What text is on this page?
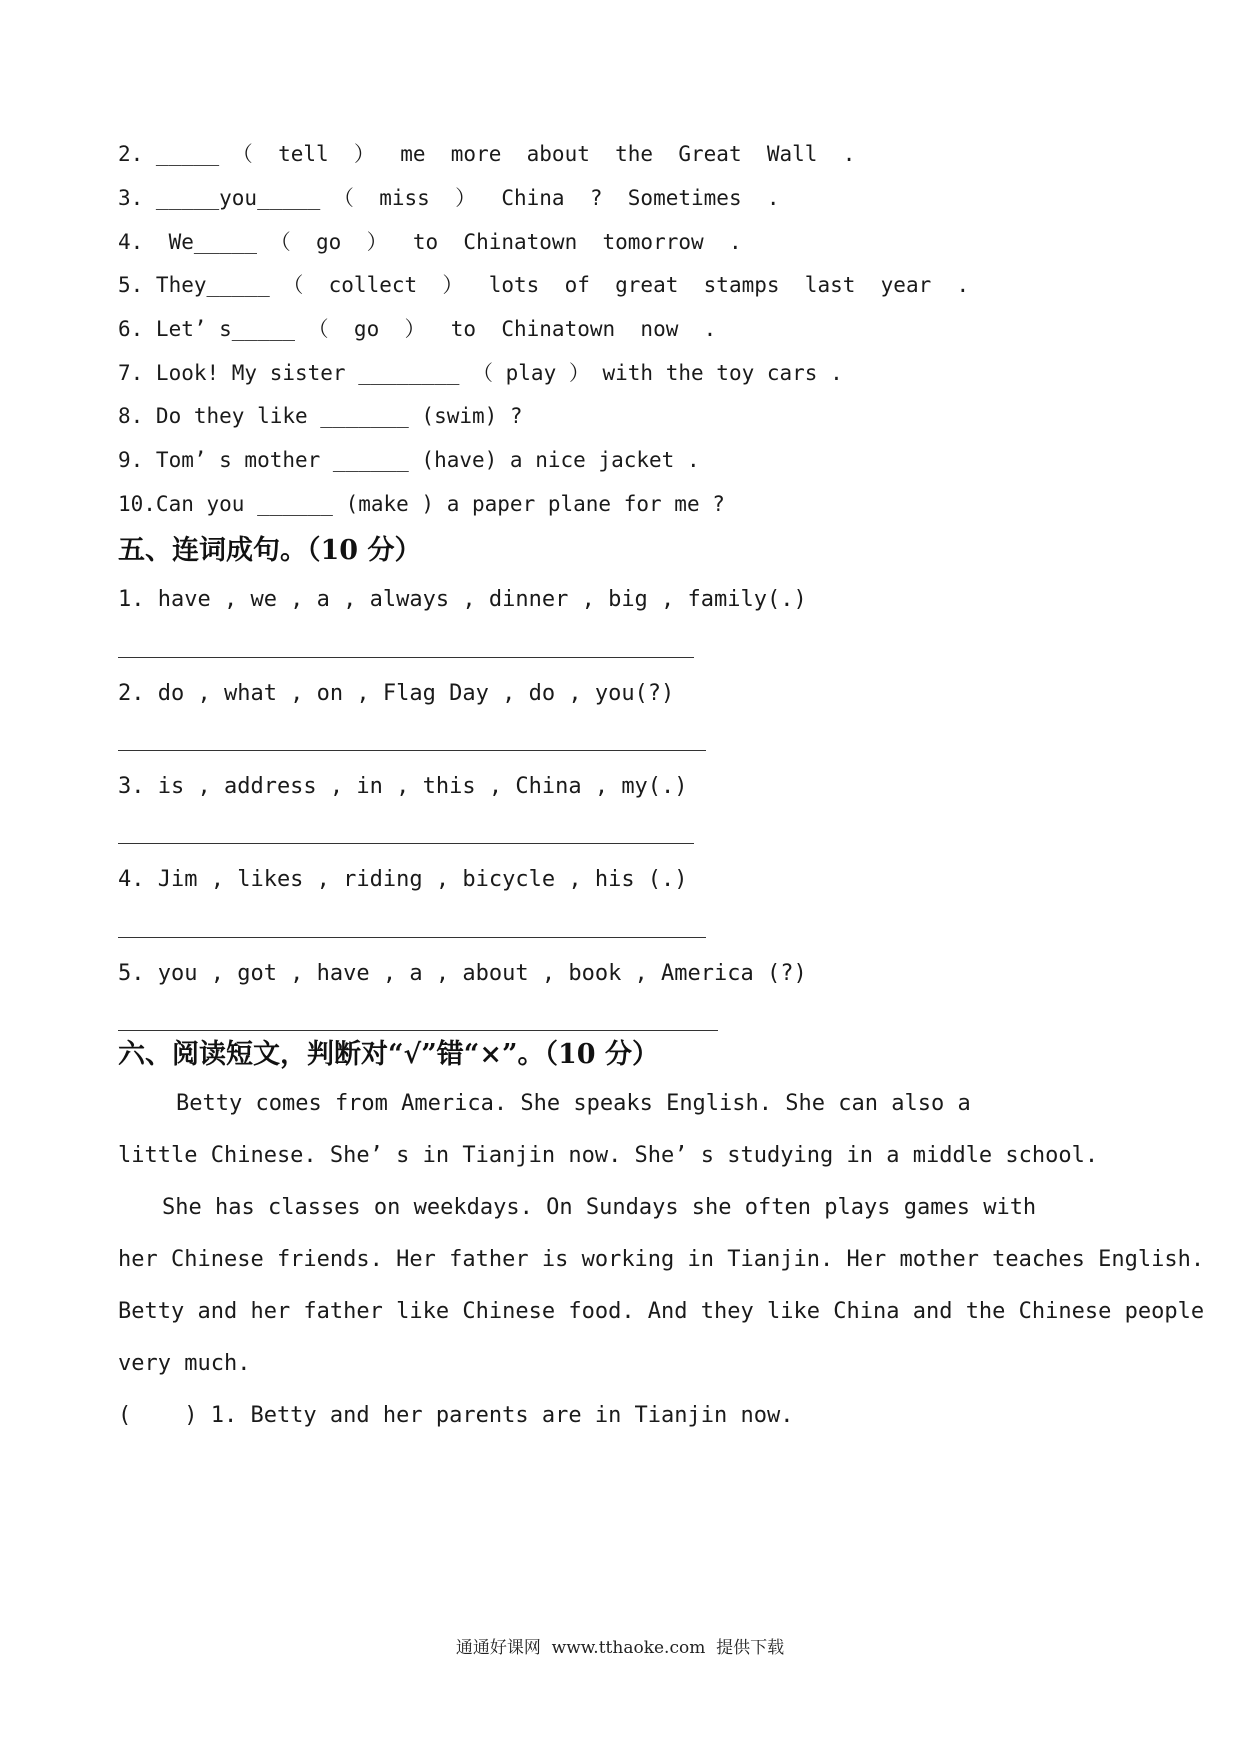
2. _____ （  tell  ）  me  more  about  the  Great  Wall  .
3. _____you_____ （  miss  ）  China  ?  Sometimes  .
4.  We_____ （  go  ）  to  Chinatown  tomorrow  .
5. They_____ （  collect  ）  lots  of  great  stamps  last  year  .
6. Let’ s_____ （  go  ）  to  Chinatown  now  .
7. Look! My sister ________ （ play ） with the toy cars .
8. Do they like _______ (swim) ?
9. Tom’ s mother ______ (have) a nice jacket .
10.Can you ______ (make ) a paper plane for me ?
五、连词成句。（10 分）
1. have , we , a , always , dinner , big , family(.)
2. do , what , on , Flag Day , do , you(?)
3. is , address , in , this , China , my(.)
4. Jim , likes , riding , bicycle , his (.)
5. you , got , have , a , about , book , America (?)
六、阅读短文，判断对“√”错“×”。（10 分）
Betty comes from America. She speaks English. She can also a
little Chinese. She’ s in Tianjin now. She’ s studying in a middle school.
She has classes on weekdays. On Sundays she often plays games with
her Chinese friends. Her father is working in Tianjin. Her mother teaches English.
Betty and her father like Chinese food. And they like China and the Chinese people
very much.
(    ) 1. Betty and her parents are in Tianjin now.
通通好课网  www.tthaoke.com  提供下载
